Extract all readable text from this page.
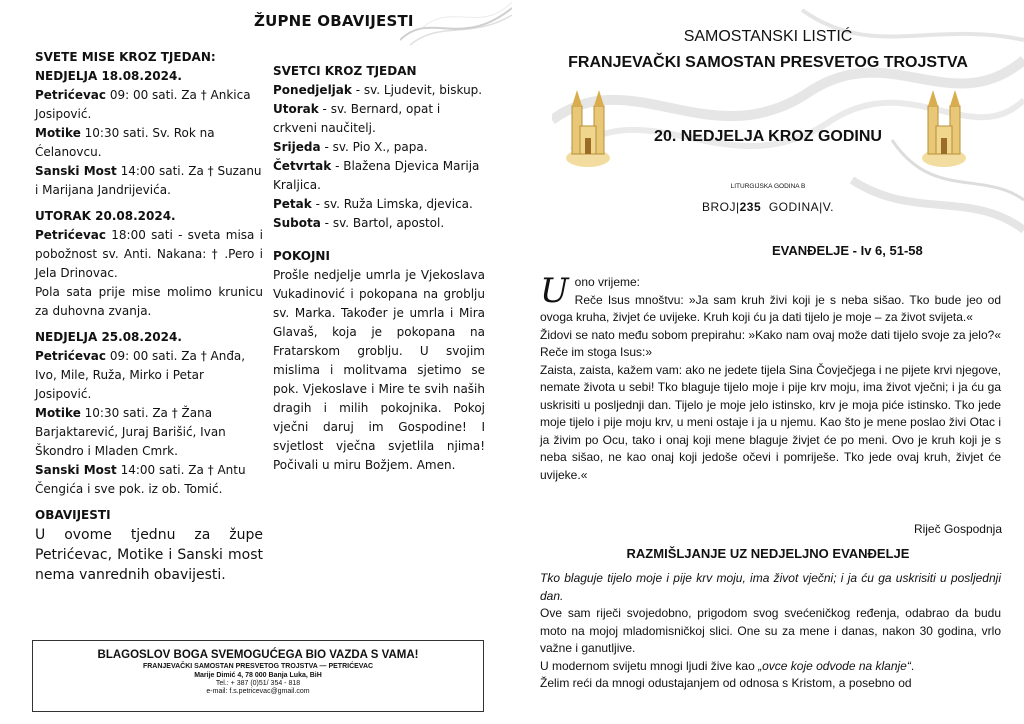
ŽUPNE OBAVIJESTI

SVETE MISE KROZ TJEDAN:

NEDJELJA 18.08.2024.

Petrićevac 09: 00 sati. Za † Ankica Josipović.

Motike 10:30 sati. Sv. Rok na Ćelanovcu.

Sanski Most 14:00 sati. Za † Suzanu i Marijana Jandrijevića.

UTORAK 20.08.2024.

Petrićevac 18:00 sati - sveta misa i pobožnost sv. Anti. Nakana: † .Pero i Jela Drinovac.

Pola sata prije mise molimo krunicu za duhovna zvanja.

NEDJELJA 25.08.2024.

Petrićevac 09: 00 sati. Za † Anđa, Ivo, Mile, Ruža, Mirko i Petar Josipović.

Motike 10:30 sati. Za † Žana Barjaktarević, Juraj Barišić, Ivan Škondro i Mladen Cmrk.

Sanski Most 14:00 sati. Za † Antu Čengića i sve pok. iz ob. Tomić.

OBAVIJESTI

U ovome tjednu za župe Petrićevac, Motike i Sanski most nema vanrednih obavijesti.

SVETCI KROZ TJEDAN

Ponedjeljak - sv. Ljudevit, biskup.

Utorak - sv. Bernard, opat i crkveni naučitelj.

Srijeda - sv. Pio X., papa.

Četvrtak - Blažena Djevica Marija Kraljica.

Petak - sv. Ruža Limska, djevica.

Subota - sv. Bartol, apostol.

POKOJNI

Prošle nedjelje umrla je Vjekoslava Vukadinović i pokopana na groblju sv. Marka. Također je umrla i Mira Glavaš, koja je pokopana na Fratarskom groblju. U svojim mislima i molitvama sjetimo se pok. Vjekoslave i Mire te svih naših dragih i milih pokojnika. Pokoj vječni daruj im Gospodine! I svjetlost vječna svjetlila njima! Počivali u miru Božjem. Amen.

BLAGOSLOV BOGA SVEMOGUĆEGA BIO VAZDA S VAMA!
FRANJEVAČKI SAMOSTAN PRESVETOG TROJSTVA — PETRIĆEVAC
Marije Dimić 4, 78 000 Banja Luka, BiH
Tel.: + 387 (0)51/ 354 - 818
e-mail: f.s.petricevac@gmail.com
SAMOSTANSKI LISTIĆ
FRANJEVAČKI SAMOSTAN PRESVETOG TROJSTVA
20. NEDJELJA KROZ GODINU
LITURGIJSKA GODINA B
BROJ|235 GODINA|V.
EVANĐELJE - Iv 6, 51-58
U ono vrijeme:

Reče Isus mnoštvu: »Ja sam kruh živi koji je s neba sišao. Tko bude jeo od ovoga kruha, živjet će uvijeke. Kruh koji ću ja dati tijelo je moje – za život svijeta.«

Židovi se nato među sobom prepirahu: »Kako nam ovaj može dati tijelo svoje za jelo?« Reče im stoga Isus:»

Zaista, zaista, kažem vam: ako ne jedete tijela Sina Čovječjega i ne pijete krvi njegove, nemate života u sebi! Tko blaguje tijelo moje i pije krv moju, ima život vječni; i ja ću ga uskrisiti u posljednji dan. Tijelo je moje jelo istinsko, krv je moja piće istinsko. Tko jede moje tijelo i pije moju krv, u meni ostaje i ja u njemu. Kao što je mene poslao živi Otac i ja živim po Ocu, tako i onaj koji mene blaguje živjet će po meni. Ovo je kruh koji je s neba sišao, ne kao onaj koji jedoše očevi i pomriješe. Tko jede ovaj kruh, živjet će uvijeke.«

Riječ Gospodnja
RAZMIŠLJANJE UZ NEDJELJNO EVANĐELJE

Tko blaguje tijelo moje i pije krv moju, ima život vječni; i ja ću ga uskrisiti u posljednji dan.

Ove sam riječi svojedobno, prigodom svog svećeničkog ređenja, odabrao da budu moto na mojoj mladomisničkoj slici. One su za mene i danas, nakon 30 godina, vrlo važne i ganutljive.

U modernom svijetu mnogi ljudi žive kao „ovce koje odvode na klanje“.

Želim reći da mnogi odustajanjem od odnosa s Kristom, a posebno od
